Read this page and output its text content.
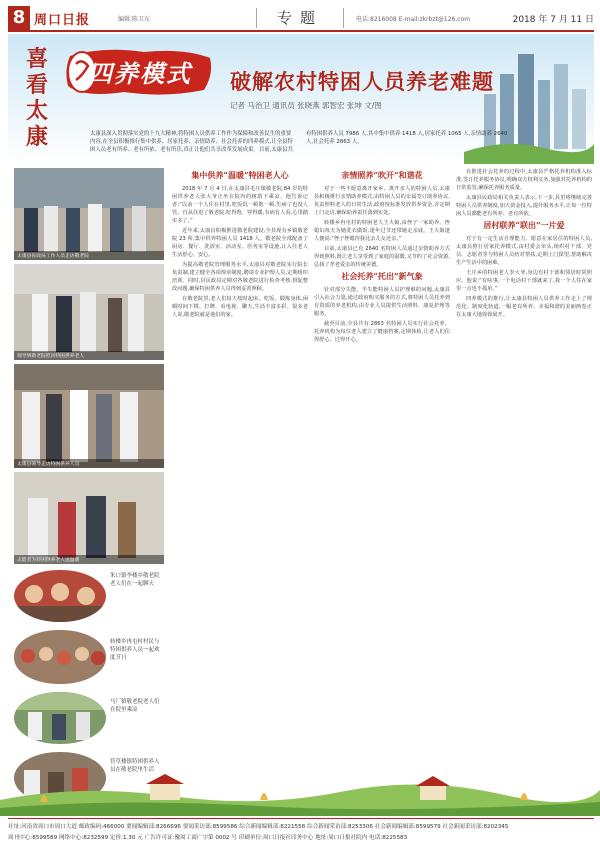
8 周口日报	编辑:陈卫东	专题	电话:8216008 E-mail:zkrbzt@126.com	2018 年 7 月 11 日
喜
看
太
康
四养模式 破解农村特困人员养老难题
记者 马治卫 通讯员 张晓燕 郭智宏 张坤 文/图
太康县深入贯彻落实党的十九大精神,将特困人员供养工作作为保障和改善民生的重要内容,在全县积极推行集中供养、居家托养、亲情助养、社会托养的四养模式,让全县特困人员老有所养、老有所依、老有所乐,真正让他们共享改革发展成果。目前,太康县共有特困供养人员 7986 人,其中集中供养 1418 人,居家托养 1065 人,亲情助养 2640 人,社会托养 2863 人。
太康县民政局工作人员走访敬老院
领导到敬老院慰问特困供养老人
太康县领导走访特困供养人员
志愿者为特困供养老人送温暖
朱口镇李楼乡敬老院老人们在一起聊天
转楼乡冉屯村村民与特困供养人员一起欢度节日
马厂镇敬老院老人们在院里乘凉
符草楼镇特困供养人员在敬老院里生活
集中供养“温暖”特困老人心

2018 年 7 月 4 日,在太康县毛庄镇敬老院,84 岁的特困供养老人张大爷正坐在院内的树荫下乘凉。他告诉记者:“以前一个人住在村里,吃饭饥一顿饱一顿,生病了也没人管。自从住进了敬老院,吃得饱、穿得暖,有病有人看,心里踏实多了。”

近年来,太康县积极推进敬老院建设,全县现有乡镇敬老院 23 所,集中供养特困人员 1418 人。敬老院全部配备了厨房、餐厅、洗浴室、活动室、医务室等设施,让入住老人生活舒心、安心。

为提高敬老院管理服务水平,太康县对敬老院实行院长负责制,建立健全各项规章制度,聘请专业护理人员,定期组织培训。同时,县民政局定期对各敬老院进行检查考核,督促整改问题,确保特困供养人员得到妥善照顾。

在敬老院里,老人们每天按时起床、吃饭、锻炼身体,闲暇时间下棋、打牌、看电视、聊天,生活丰富多彩。很多老人说,敬老院就是他们的家。

亲情照养“吹开”和谐花

对于一些不愿意离开家乡、离开亲人的特困人员,太康县积极推行亲情助养模式,由特困人员的亲属签订助养协议,负责照料老人的日常生活,政府按标准发放供养资金,并定期上门走访,确保助养责任落到实处。

转楼乡冉屯村的特困老人王大娘,由侄子一家助养。侄媳妇每天为她洗衣做饭,逢年过节还带她走亲戚。王大娘逢人便说:“侄子侄媳待我比亲儿女还亲。”

目前,太康县已有 2640 名特困人员通过亲情助养方式得到照料,既让老人享受到了家庭的温暖,又节约了社会资源,弘扬了孝老爱亲的传统美德。

社会托养“托出”新气象

针对部分失能、半失能特困人员护理难的问题,太康县引入社会力量,通过政府购买服务的方式,将特困人员托养到有资质的养老机构,由专业人员提供生活照料、康复护理等服务。

截至目前,全县共有 2863 名特困人员实行社会托养。托养机构为每位老人建立了健康档案,定期体检,让老人们住得舒心、过得开心。

在推进社会托养的过程中,太康县严格托养机构准入标准,签订托养服务协议,明确双方权利义务,加强对托养机构的日常监管,确保托养服务质量。

太康县民政局相关负责人表示,下一步,县里将继续完善特困人员供养制度,加大资金投入,提升服务水平,让每一位特困人员都能老有所养、老有所依。

居村联养“联出”一片爱

对于有一定生活自理能力、愿意在家居住的特困人员,太康县推行居家托养模式,由村委会牵头,组织村干部、党员、志愿者等与特困人员结对帮扶,定期上门探望,帮助解决生产生活中的困难。

王庄乡的特困老人李大爷,身边有村干部和邻居时常照应。他说:“有啥事,一个电话村干部就来了,我一个人住在家里一点也不孤单。”

四养模式的推行,让太康县特困人员供养工作走上了规范化、制度化轨道,一幅老有所养、幸福和谐的美丽画卷正在太康大地徐徐展开。

社址:河南省周口市周口大道 邮政编码:466000 要闻编辑部:8266696 要闻采访部:8599586 综合新闻编辑部:8221558 综合新闻采访部:8253306 社会新闻编辑部:8599579 社会新闻采访部:8202345
周刊中心:8599589 网络中心:8232599 定价:1.30 元 广告许可证:豫周工商广字第 0002 号 印刷单位:周口日报社印务中心 地址:周口日报社院内 电话:8225583
